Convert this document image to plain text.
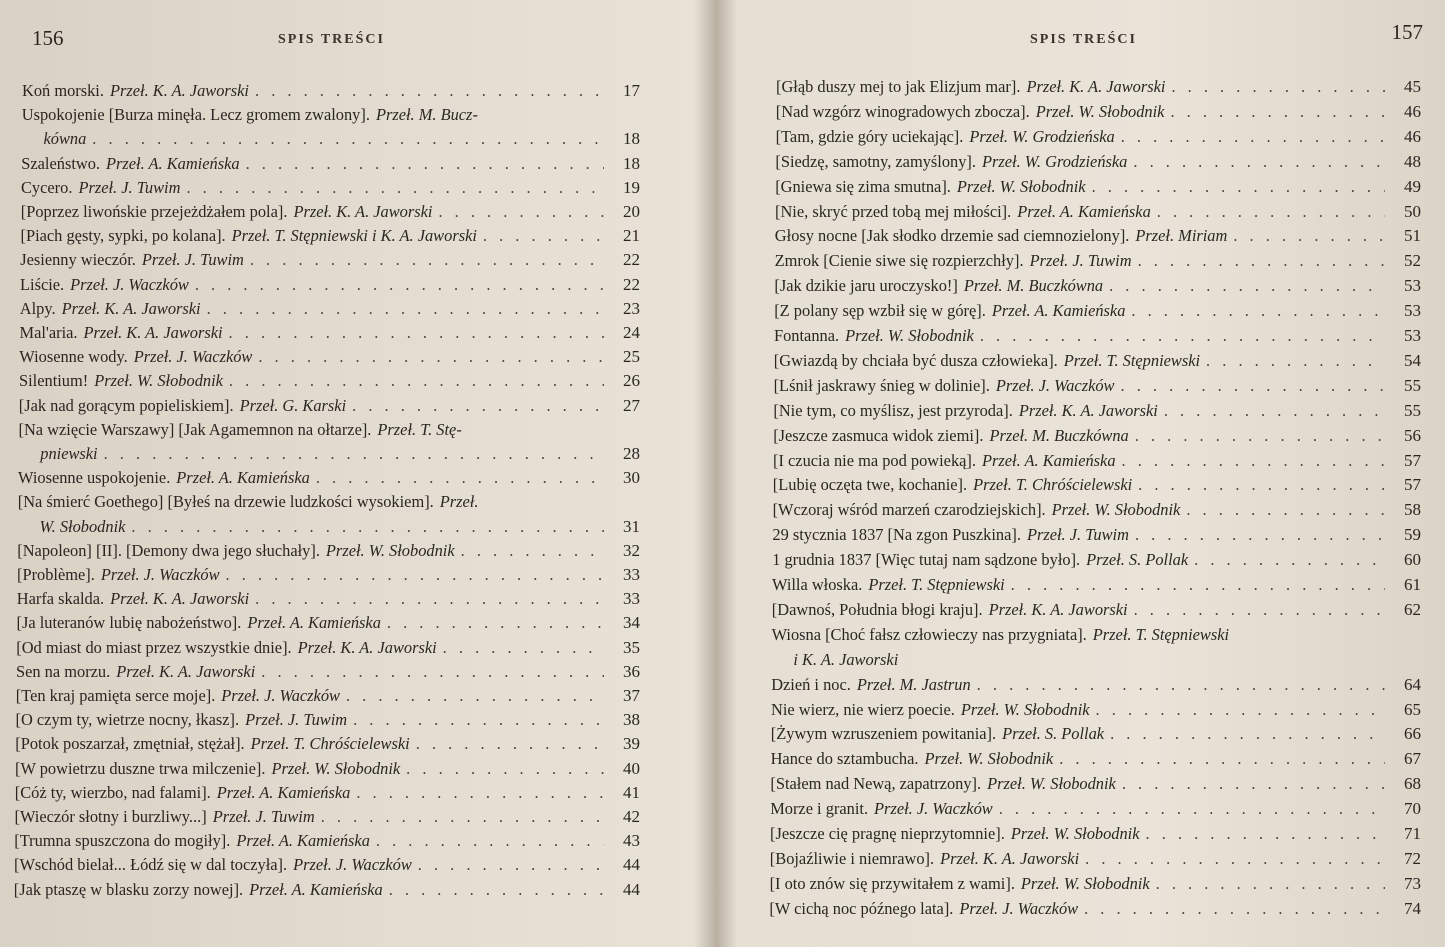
156	SPIS TREŚCI
Koń morski. Przeł. K. A. Jaworski . . .	17
Uspokojenie [Burza minęła. Lecz gromem zwalony]. Przeł. M. Bucz-
kówna . . .	18
Szaleństwo. Przeł. A. Kamieńska . . .	18
Cycero. Przeł. J. Tuwim . . .	19
[Poprzez liwońskie przejeżdżałem pola]. Przeł. K. A. Jaworski . . .	20
[Piach gęsty, sypki, po kolana]. Przeł. T. Stępniewski i K. A. Jaworski . . .	21
Jesienny wieczór. Przeł. J. Tuwim . . .	22
Liście. Przeł. J. Waczków . . .	22
Alpy. Przeł. K. A. Jaworski . . .	23
Mal'aria. Przeł. K. A. Jaworski . . .	24
Wiosenne wody. Przeł. J. Waczków . . .	25
Silentium! Przeł. W. Słobodnik . . .	26
[Jak nad gorącym popieliskiem]. Przeł. G. Karski . . .	27
[Na wzięcie Warszawy] [Jak Agamemnon na ołtarze]. Przeł. T. Stę-
pniewski . . .	28
Wiosenne uspokojenie. Przeł. A. Kamieńska . . .	30
[Na śmierć Goethego] [Byłeś na drzewie ludzkości wysokiem]. Przeł.
W. Słobodnik . . .	31
[Napoleon] [II]. [Demony dwa jego słuchały]. Przeł. W. Słobodnik . . .	32
[Problème]. Przeł. J. Waczków . . .	33
Harfa skalda. Przeł. K. A. Jaworski . . .	33
[Ja luteranów lubię nabożeństwo]. Przeł. A. Kamieńska . . .	34
[Od miast do miast przez wszystkie dnie]. Przeł. K. A. Jaworski . . .	35
Sen na morzu. Przeł. K. A. Jaworski . . .	36
[Ten kraj pamięta serce moje]. Przeł. J. Waczków . . .	37
[O czym ty, wietrze nocny, łkasz]. Przeł. J. Tuwim . . .	38
[Potok poszarzał, zmętniał, stężał]. Przeł. T. Chróścielewski . . .	39
[W powietrzu duszne trwa milczenie]. Przeł. W. Słobodnik . . .	40
[Cóż ty, wierzbo, nad falami]. Przeł. A. Kamieńska . . .	41
[Wieczór słotny i burzliwy...] Przeł. J. Tuwim . . .	42
[Trumna spuszczona do mogiły]. Przeł. A. Kamieńska . . .	43
[Wschód bielał... Łódź się w dal toczyła]. Przeł. J. Waczków . . .	44
[Jak ptaszę w blasku zorzy nowej]. Przeł. A. Kamieńska . . .	44
SPIS TREŚCI	157
[Głąb duszy mej to jak Elizjum mar]. Przeł. K. A. Jaworski . . .	45
[Nad wzgórz winogradowych zbocza]. Przeł. W. Słobodnik . . .	46
[Tam, gdzie góry uciekając]. Przeł. W. Grodzieńska . . .	46
[Siedzę, samotny, zamyślony]. Przeł. W. Grodzieńska . . .	48
[Gniewa się zima smutna]. Przeł. W. Słobodnik . . .	49
[Nie, skryć przed tobą mej miłości]. Przeł. A. Kamieńska . . .	50
Głosy nocne [Jak słodko drzemie sad ciemnozielony]. Przeł. Miriam . . .	51
Zmrok [Cienie siwe się rozpierzchły]. Przeł. J. Tuwim . . .	52
[Jak dzikie jaru uroczysko!] Przeł. M. Buczkówna . . .	53
[Z polany sęp wzbił się w górę]. Przeł. A. Kamieńska . . .	53
Fontanna. Przeł. W. Słobodnik . . .	53
[Gwiazdą by chciała być dusza człowieka]. Przeł. T. Stępniewski . . .	54
[Lśnił jaskrawy śnieg w dolinie]. Przeł. J. Waczków . . .	55
[Nie tym, co myślisz, jest przyroda]. Przeł. K. A. Jaworski . . .	55
[Jeszcze zasmuca widok ziemi]. Przeł. M. Buczkówna . . .	56
[I czucia nie ma pod powieką]. Przeł. A. Kamieńska . . .	57
[Lubię oczęta twe, kochanie]. Przeł. T. Chróścielewski . . .	57
[Wczoraj wśród marzeń czarodziejskich]. Przeł. W. Słobodnik . . .	58
29 stycznia 1837 [Na zgon Puszkina]. Przeł. J. Tuwim . . .	59
1 grudnia 1837 [Więc tutaj nam sądzone było]. Przeł. S. Pollak . . .	60
Willa włoska. Przeł. T. Stępniewski . . .	61
[Dawnoś, Południa błogi kraju]. Przeł. K. A. Jaworski . . .	62
Wiosna [Choć fałsz człowieczy nas przygniata]. Przeł. T. Stępniewski
i K. A. Jaworski
Dzień i noc. Przeł. M. Jastrun . . .	64
Nie wierz, nie wierz poecie. Przeł. W. Słobodnik . . .	65
[Żywym wzruszeniem powitania]. Przeł. S. Pollak . . .	66
Hance do sztambucha. Przeł. W. Słobodnik . . .	67
[Stałem nad Newą, zapatrzony]. Przeł. W. Słobodnik . . .	68
Morze i granit. Przeł. J. Waczków . . .	70
[Jeszcze cię pragnę nieprzytomnie]. Przeł. W. Słobodnik . . .	71
[Bojaźliwie i niemrawo]. Przeł. K. A. Jaworski . . .	72
[I oto znów się przywitałem z wami]. Przeł. W. Słobodnik . . .	73
[W cichą noc późnego lata]. Przeł. J. Waczków . . .	74
